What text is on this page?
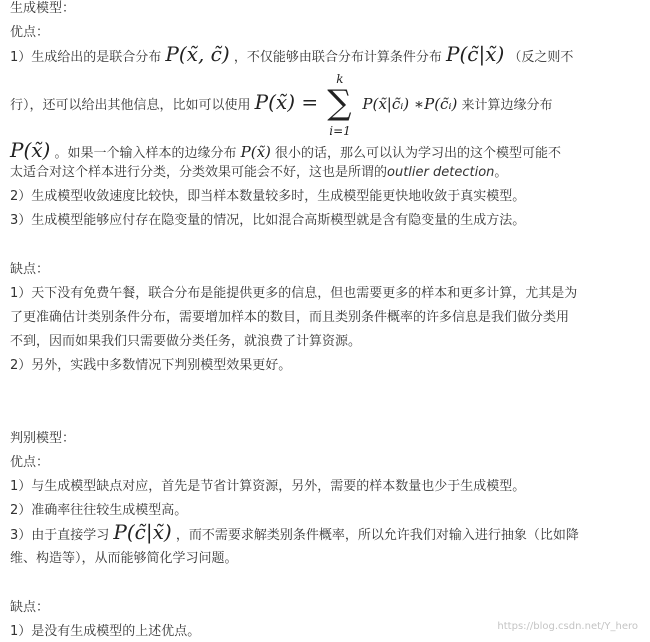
生成模型：
优点：
1）生成给出的是联合分布 P(x̃, c̃) ，不仅能够由联合分布计算条件分布 P(c̃|x̃) （反之则不
行），还可以给出其他信息，比如可以使用 P(x̃) =
k
∑
i=1
P(x̃|c̃ᵢ) ∗P(c̃ᵢ) 来计算边缘分布
P(x̃) 。如果一个输入样本的边缘分布 P(x̃) 很小的话，那么可以认为学习出的这个模型可能不
太适合对这个样本进行分类，分类效果可能会不好，这也是所谓的outlier detection。
2）生成模型收敛速度比较快，即当样本数量较多时，生成模型能更快地收敛于真实模型。
3）生成模型能够应付存在隐变量的情况，比如混合高斯模型就是含有隐变量的生成方法。
缺点：
1）天下没有免费午餐，联合分布是能提供更多的信息，但也需要更多的样本和更多计算，尤其是为
了更准确估计类别条件分布，需要增加样本的数目，而且类别条件概率的许多信息是我们做分类用
不到，因而如果我们只需要做分类任务，就浪费了计算资源。
2）另外，实践中多数情况下判别模型效果更好。
判别模型：
优点：
1）与生成模型缺点对应，首先是节省计算资源，另外，需要的样本数量也少于生成模型。
2）准确率往往较生成模型高。
3）由于直接学习 P(c̃|x̃) ，而不需要求解类别条件概率，所以允许我们对输入进行抽象（比如降
维、构造等），从而能够简化学习问题。
缺点：
1）是没有生成模型的上述优点。	https://blog.csdn.net/Y_hero
